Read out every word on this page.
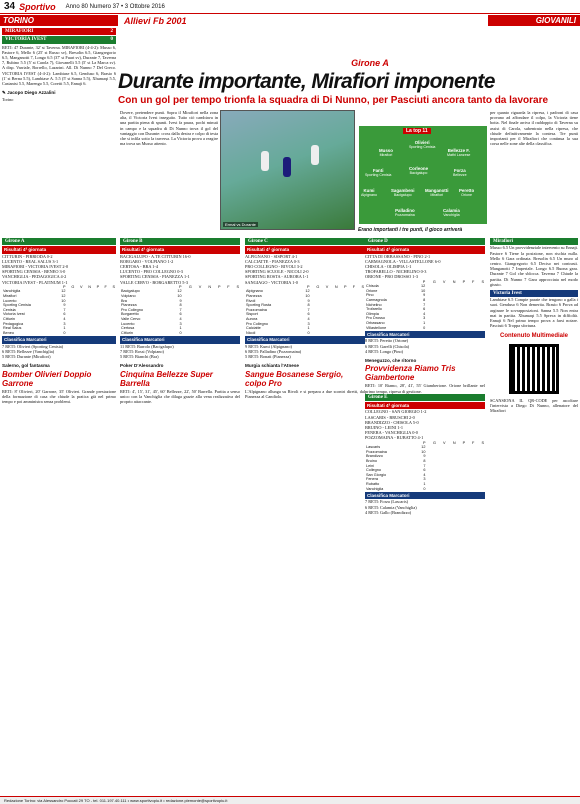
34 Sportivo Anno 80 Numero 37 • 3 Ottobre 2016
TORINO	Allievi Fb 2001	GIOVANILI
MIRAFIORI	2
VICTORIA IVEST	0
RETI: 47 Durante, 32' st Taverna. MIRAFIORI (4-4-2): Musso 6, Pastore 6, Mello 6 (25' st Russo sv), Bresolin 6.5, Giangregorio 6.5, Manganotti 7, Longo 6.5 (37' st Fuari sv), Durante 7, Taverna 7, Rubino 5.5 (5' st Carola 7), Giovanelli 5.5 (5' st La Marca sv). A disp. Varriale, Borrello, Lazarini. All. Di Nunno 7 Del Greco. VICTORIA IVEST (4-4-2): Lambiase 6.5, Genduso 6, Brasio 6 (1' st Berna 5.5), Lambiase A. 5.5 (5' st Sanna 5.5), Xhumaqi 5.5, Castanisi 5.5, Marengo 5.5, Coretti 5.5, Ennaji 6.
✎ Jacopo Diego Azzalini
Torino
Girone A
Durante importante, Mirafiori imponente
Con un gol per tempo trionfa la squadra di Di Nunno, per Pasciuti ancora tanto da lavorare
Dovere, pretendere punti. Sopra il Mirafiori nella zona alta, il Victoria Ivest inseguito. Tutto ciò cambiava in una partita piena di spunti. Ivest fa paura, pochi minuti in campo e la squadra di Di Nunno trova il gol del vantaggio con Durante: cross dalla destra e colpo di testa che si infila sotto la traversa. La Victoria prova a reagire ma trova un Musso attento.
Ermal vs Durante
La top 11
Olivieri
Sporting Cenisia
Musso
Mirafiori
Bellezze F.
Mathi Lanzese
Fanti
Sporting Cenisia
Corleone
Bacigalupo	Forza
Bellezze
Kumi
Alpignano
Sagambeni
Bacigalupo
Manganotti
Mirafiori
Peretto
Orione
Palladino
Pozzomaina
Calamia
Vanchiglia
Erano importanti i tre punti, il gioco arriverà
per quanto riguarda la ripresa, i padroni di casa provano ad affondare il colpo, la Victoria tiene botta. Nel finale arriva il raddoppio di Taverna su assist di Carola, subentrato nella ripresa, che chiude definitivamente la contesa. Tre punti importanti per il Mirafiori che continua la sua corsa nelle zone alte della classifica.
Girone A
Risultati 4ª giornata
CITTURIN - PIRRIODA 0-2
LUCENTO - REAL SALUS 3-1
MIRAFIORI - VICTORIA IVEST 2-0
SPORTING CENISIA - BENEO 3-0
VANCHIGLIA - PEDAGOGICA 4-2
VICTORIA IVEST - PLATINUM 1-1
	P	G	V	N	P	F	S
Vanchiglia	12						
Mirafiori	12						
Lucento	10						
Sporting Cenisia	9						
Cenisia	7						
Victoria Ivest	6						
Citturin	4						
Pedagogica	3						
Real Salus	1						
Beneo	0						
Classifica Marcatori
7 RETI: Olivieri (Sporting Cenisia)
6 RETI: Bellezze (Vanchiglia)
5 RETI: Durante (Mirafiori)
Salerno, gol fantasma
Bomber Olivieri Doppio Garrone
RETI: 8' Olivieri, 20' Garrone, 35' Olivieri. Grande prestazione della formazione di casa che chiude la pratica già nel primo tempo e poi amministra senza problemi.
Girone B
Risultati 4ª giornata
BACIGALUPO - A.TE CITTURIN 16-0
BORGARO - VOLPIANO 1-2
CERTOSA - BRA 1-4
LUCENTO - PRO COLLEGNO 0-3
SPORTING CENISIA - PIANEZZA 1-1
VALLE CERVO - BORGARETTO 5-3
	P	G	V	N	P	F	S
Bacigalupo	12						
Volpiano	10						
Bra	9						
Pianezza	8						
Pro Collegno	7						
Borgaretto	6						
Valle Cervo	4						
Lucento	3						
Certosa	1						
Citturin	0						
Classifica Marcatori
11 RETI: Barrolo (Bacigalupo)
7 RETI: Rossi (Volpiano)
5 RETI: Bianchi (Bra)
Poker D'Alessandro
Cinquina Bellezze Super Barrella
RETI: 4', 15', 31', 45', 60' Bellezze, 22', 50' Barrella. Partita a senso unico con la Vanchiglia che dilaga grazie alla vena realizzativa del proprio attaccante.
Girone C
Risultati 4ª giornata
ALPIGNANO - SISPORT 4-1
CALCIATTE - PIANEZZA 0-3
PRO COLLEGNO - RIVOLI 3-2
SPORTING SCUOLE - NICOLI 2-0
SPORTING ROSTA - AURORA 1-1
SANGIAGO - VICTORIA 1-0
	P	G	V	N	P	F	S
Alpignano	12						
Pianezza	10						
Rivoli	9						
Sporting Rosta	8						
Pozzomaina	7						
Sisport	6						
Aurora	4						
Pro Collegno	3						
Calciatte	1						
Nicoli	0						
Classifica Marcatori
9 RETI: Kumi (Alpignano)
6 RETI: Palladino (Pozzomaina)
5 RETI: Bonati (Pianezza)
Murgia schianta l'Atnese
Sangue Bosanese Sergio, colpo Pro
L'Alpignano allunga su Rivoli e si prepara a due scontri diretti, dal Pianezza al Candiolo.
Girone D
Risultati 4ª giornata
CITTA DI ORBASSANO - PINO 2-1
CARMAGNOLA - VILLASTELLONE 6-0
CHISOLA - OLIMPIA 1-1
TROFARELLO - NICHELINO 0-3
ORIONE - PRO DROSSO 1-3
	P	G	V	N	P	F	S
Chisola	12						
Orione	10						
Pino	9						
Carmagnola	8						
Nichelino	7						
Trofarello	6						
Olimpia	4						
Pro Drosso	3						
Orbassano	1						
Villastellone	0						
Classifica Marcatori
8 RETI: Peretto (Orione)
6 RETI: Garelli (Chisola)
4 RETI: Longo (Pino)
Meneguzzo, che ritorno
Provvidenza Riamo Tris Giambertone
RETI: 10' Riamo, 28', 41', 55' Giambertone. Orione brillante nel primo tempo, ripresa di gestione.
Girone E
Risultati 4ª giornata
COLLEGNO - SAN GIORGIO 1-2
LASCARIS - BRUSCHI 2-0
BRANDIZZO - CHISOLA 5-0
BRUINO - LEINI 1-1
FENERA - VANCHIGLIA 0-0
POZZOMAINA - RUBATTO 4-1
	P	G	V	N	P	F	S
Lascaris	12						
Pozzomaina	10						
Brandizzo	9						
Bruino	8						
Leini	7						
Collegno	6						
San Giorgio	4						
Fenera	3						
Rubatto	1						
Vanchiglia	0						
Classifica Marcatori
7 RETI: Forza (Lascaris)
6 RETI: Calamia (Vanchiglia)
4 RETI: Gallo (Brandizzo)
Mirafiori
Musso 6.5 Un provvidenziale intervento su Ennaji. Pastore 6 Tiene la posizione, non rischia nulla. Mello 6 Gara ordinata. Bresolin 6.5 Un muro al centro. Giangregorio 6.5 Deciso nei contrasti. Manganotti 7 Imperiale. Longo 6.5 Buona gara. Durante 7 Gol che sblocca. Taverna 7 Chiude la partita. Di Nunno 7 Gara approcciata nel modo giusto.
Victoria Ivest
Lambiase 6.5 Compie parate che tengono a galla i suoi. Genduso 6 Non demerita. Brasio 6 Prova ad arginare le sovrapposizioni. Sanna 5.5 Non entra mai in partita. Xhumaqi 5.5 Spreca in diffioltà. Ennaji 6 Nel primo tempo prova a farsi notare. Pasciuti 6 Troppa sfortuna.
Contenuto Multimediale
SCANSIONA IL QR-CODE per ascoltare l'intervista a Diego Di Nunno, allenatore del Mirafiori
Redazione Torino: via Alessandro Poccati 29 TO - tel. 011.197.40.111 • www.sportivopiu.it • redazione.piemonte@sportivopiu.it
